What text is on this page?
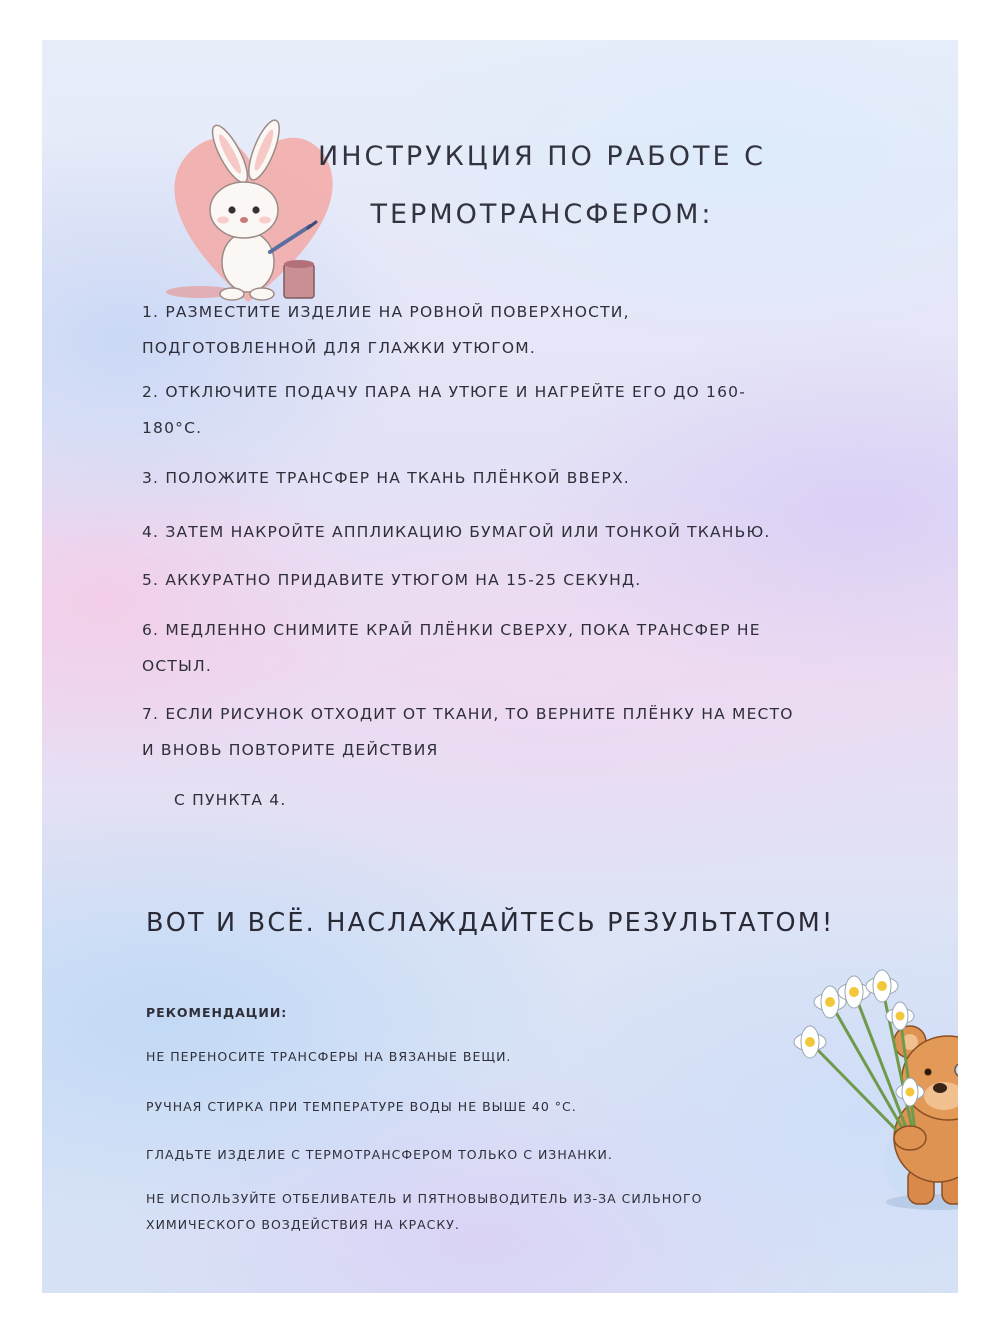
ИНСТРУКЦИЯ ПО РАБОТЕ С
ТЕРМОТРАНСФЕРОМ:
1. РАЗМЕСТИТЕ ИЗДЕЛИЕ НА РОВНОЙ ПОВЕРХНОСТИ,
ПОДГОТОВЛЕННОЙ ДЛЯ ГЛАЖКИ УТЮГОМ.
2. ОТКЛЮЧИТЕ ПОДАЧУ ПАРА НА УТЮГЕ И НАГРЕЙТЕ ЕГО ДО 160-
180°С.
3. ПОЛОЖИТЕ ТРАНСФЕР НА ТКАНЬ ПЛЁНКОЙ ВВЕРХ.
4. ЗАТЕМ НАКРОЙТЕ АППЛИКАЦИЮ БУМАГОЙ ИЛИ ТОНКОЙ ТКАНЬЮ.
5. АККУРАТНО ПРИДАВИТЕ УТЮГОМ НА 15-25 СЕКУНД.
6. МЕДЛЕННО СНИМИТЕ КРАЙ ПЛЁНКИ СВЕРХУ, ПОКА ТРАНСФЕР НЕ
ОСТЫЛ.
7. ЕСЛИ РИСУНОК ОТХОДИТ ОТ ТКАНИ, ТО ВЕРНИТЕ ПЛЁНКУ НА МЕСТО
И ВНОВЬ ПОВТОРИТЕ ДЕЙСТВИЯ
С ПУНКТА 4.
ВОТ И ВСЁ. НАСЛАЖДАЙТЕСЬ РЕЗУЛЬТАТОМ!
РЕКОМЕНДАЦИИ:
НЕ ПЕРЕНОСИТЕ ТРАНСФЕРЫ НА ВЯЗАНЫЕ ВЕЩИ.
РУЧНАЯ СТИРКА ПРИ ТЕМПЕРАТУРЕ ВОДЫ НЕ ВЫШЕ 40 °С.
ГЛАДЬТЕ ИЗДЕЛИЕ С ТЕРМОТРАНСФЕРОМ ТОЛЬКО С ИЗНАНКИ.
НЕ ИСПОЛЬЗУЙТЕ ОТБЕЛИВАТЕЛЬ И ПЯТНОВЫВОДИТЕЛЬ ИЗ-ЗА СИЛЬНОГО
ХИМИЧЕСКОГО ВОЗДЕЙСТВИЯ НА КРАСКУ.
